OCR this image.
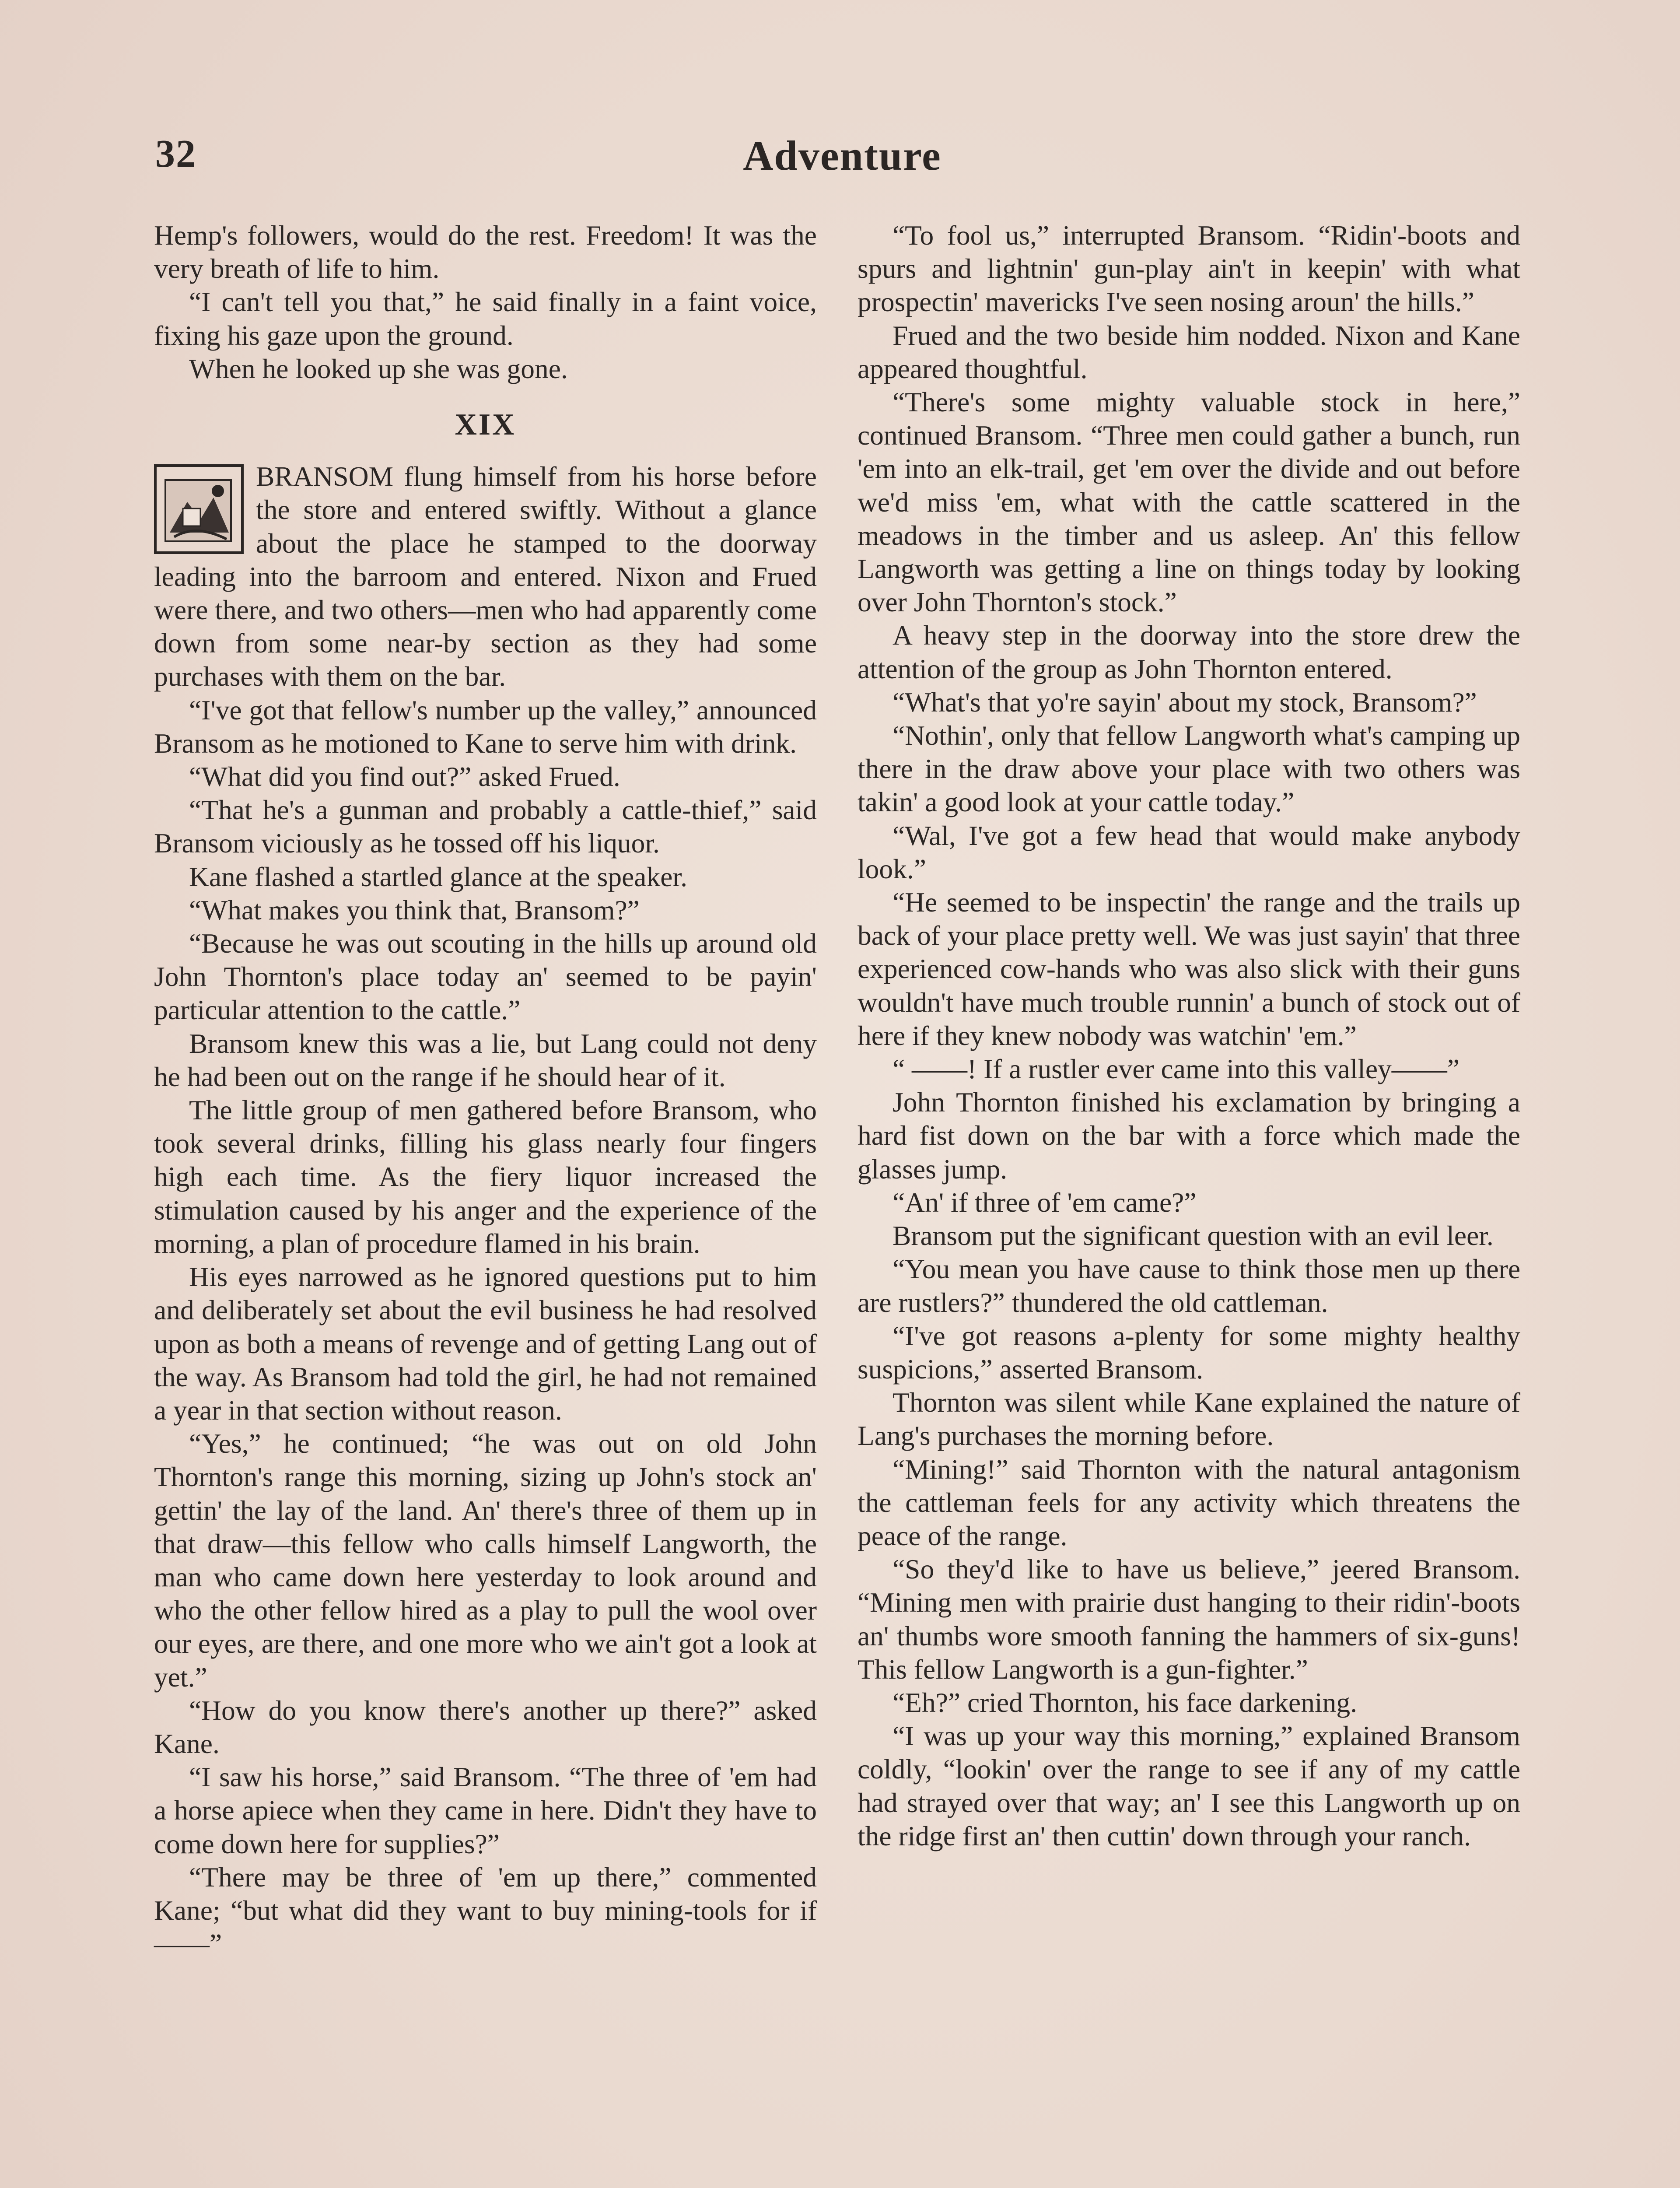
32	Adventure

Hemp's followers, would do the rest. Freedom! It was the very breath of life to him.

“I can't tell you that,” he said finally in a faint voice, fixing his gaze upon the ground.

When he looked up she was gone.

XIX

BRANSOM flung himself from his horse before the store and entered swiftly. Without a glance about the place he stamped to the doorway leading into the barroom and entered. Nixon and Frued were there, and two others—men who had apparently come down from some near-by section as they had some purchases with them on the bar.

“I've got that fellow's number up the valley,” announced Bransom as he motioned to Kane to serve him with drink.

“What did you find out?” asked Frued.

“That he's a gunman and probably a cattle-thief,” said Bransom viciously as he tossed off his liquor.

Kane flashed a startled glance at the speaker.

“What makes you think that, Bransom?”

“Because he was out scouting in the hills up around old John Thornton's place today an' seemed to be payin' particular attention to the cattle.”

Bransom knew this was a lie, but Lang could not deny he had been out on the range if he should hear of it.

The little group of men gathered before Bransom, who took several drinks, filling his glass nearly four fingers high each time. As the fiery liquor increased the stimulation caused by his anger and the experience of the morning, a plan of procedure flamed in his brain.

His eyes narrowed as he ignored questions put to him and deliberately set about the evil business he had resolved upon as both a means of revenge and of getting Lang out of the way. As Bransom had told the girl, he had not remained a year in that section without reason.

“Yes,” he continued; “he was out on old John Thornton's range this morning, sizing up John's stock an' gettin' the lay of the land. An' there's three of them up in that draw—this fellow who calls himself Langworth, the man who came down here yesterday to look around and who the other fellow hired as a play to pull the wool over our eyes, are there, and one more who we ain't got a look at yet.”

“How do you know there's another up there?” asked Kane.

“I saw his horse,” said Bransom. “The three of 'em had a horse apiece when they came in here. Didn't they have to come down here for supplies?”

“There may be three of 'em up there,” commented Kane; “but what did they want to buy mining-tools for if——”

“To fool us,” interrupted Bransom. “Ridin'-boots and spurs and lightnin' gun-play ain't in keepin' with what prospectin' mavericks I've seen nosing aroun' the hills.”

Frued and the two beside him nodded. Nixon and Kane appeared thoughtful.

“There's some mighty valuable stock in here,” continued Bransom. “Three men could gather a bunch, run 'em into an elk-trail, get 'em over the divide and out before we'd miss 'em, what with the cattle scattered in the meadows in the timber and us asleep. An' this fellow Langworth was getting a line on things today by looking over John Thornton's stock.”

A heavy step in the doorway into the store drew the attention of the group as John Thornton entered.

“What's that yo're sayin' about my stock, Bransom?”

“Nothin', only that fellow Langworth what's camping up there in the draw above your place with two others was takin' a good look at your cattle today.”

“Wal, I've got a few head that would make anybody look.”

“He seemed to be inspectin' the range and the trails up back of your place pretty well. We was just sayin' that three experienced cow-hands who was also slick with their guns wouldn't have much trouble runnin' a bunch of stock out of here if they knew nobody was watchin' 'em.”

“ ——! If a rustler ever came into this valley——”

John Thornton finished his exclamation by bringing a hard fist down on the bar with a force which made the glasses jump.

“An' if three of 'em came?”

Bransom put the significant question with an evil leer.

“You mean you have cause to think those men up there are rustlers?” thundered the old cattleman.

“I've got reasons a-plenty for some mighty healthy suspicions,” asserted Bransom.

Thornton was silent while Kane explained the nature of Lang's purchases the morning before.

“Mining!” said Thornton with the natural antagonism the cattleman feels for any activity which threatens the peace of the range.

“So they'd like to have us believe,” jeered Bransom. “Mining men with prairie dust hanging to their ridin'-boots an' thumbs wore smooth fanning the hammers of six-guns! This fellow Langworth is a gun-fighter.”

“Eh?” cried Thornton, his face darkening.

“I was up your way this morning,” explained Bransom coldly, “lookin' over the range to see if any of my cattle had strayed over that way; an' I see this Langworth up on the ridge first an' then cuttin' down through your ranch.
